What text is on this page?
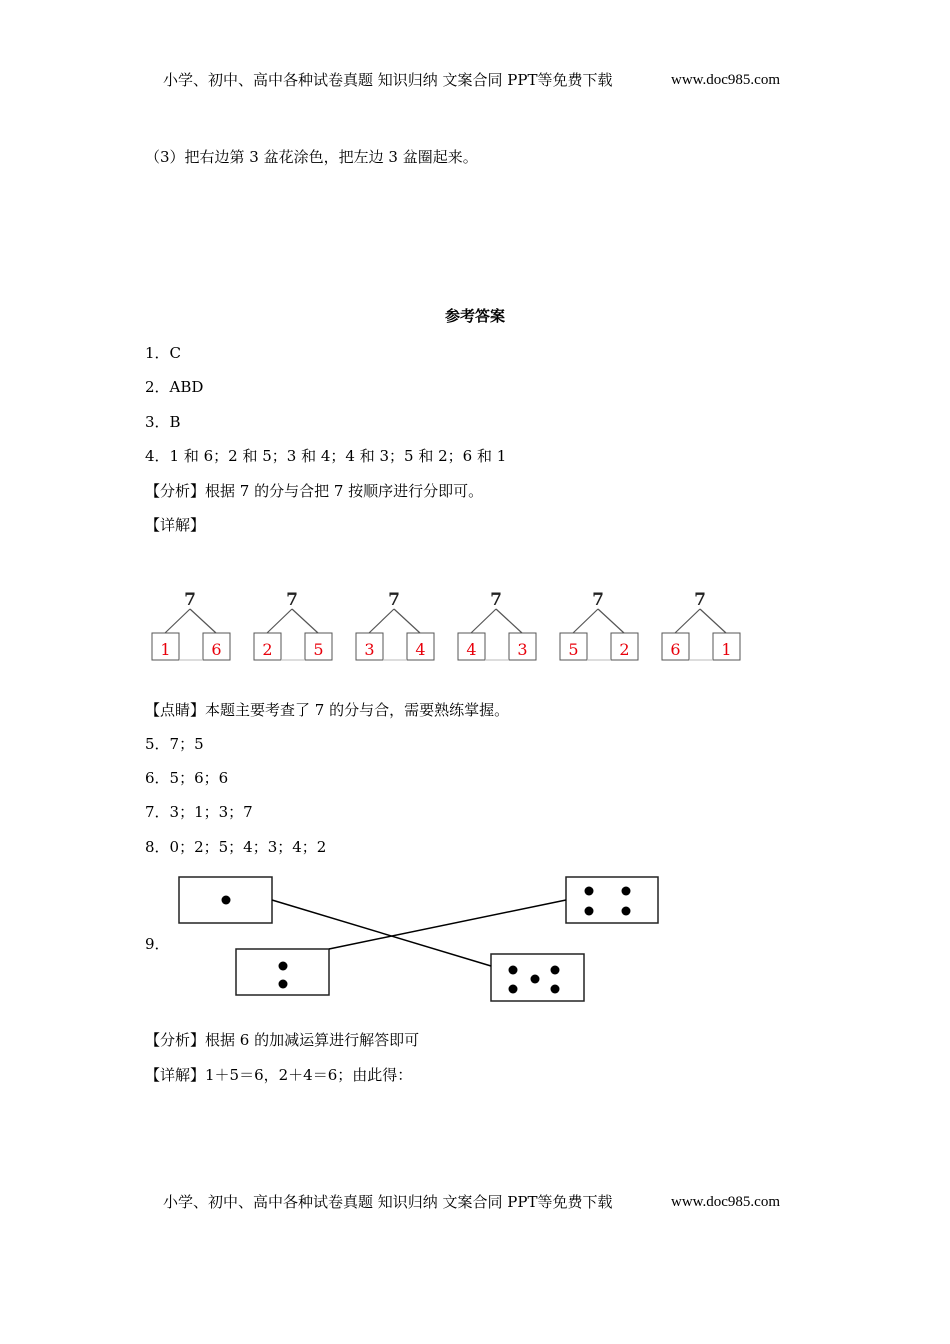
小学、初中、高中各种试卷真题 知识归纳 文案合同 PPT等免费下载	www.doc985.com
（3）把右边第 3 盆花涂色，把左边 3 盆圈起来。
参考答案
1．C
2．ABD
3．B
4．1 和 6；2 和 5；3 和 4；4 和 3；5 和 2；6 和 1
【分析】根据 7 的分与合把 7 按顺序进行分即可。
【详解】
7
1	6
7
2	5
7
3	4
7
4	3
7
5	2
7
6	1
【点睛】本题主要考查了 7 的分与合，需要熟练掌握。
5．7；5
6．5；6；6
7．3；1；3；7
8．0；2；5；4；3；4；2
9．
【分析】根据 6 的加减运算进行解答即可
【详解】1＋5＝6，2＋4＝6；由此得：
小学、初中、高中各种试卷真题 知识归纳 文案合同 PPT等免费下载	www.doc985.com
